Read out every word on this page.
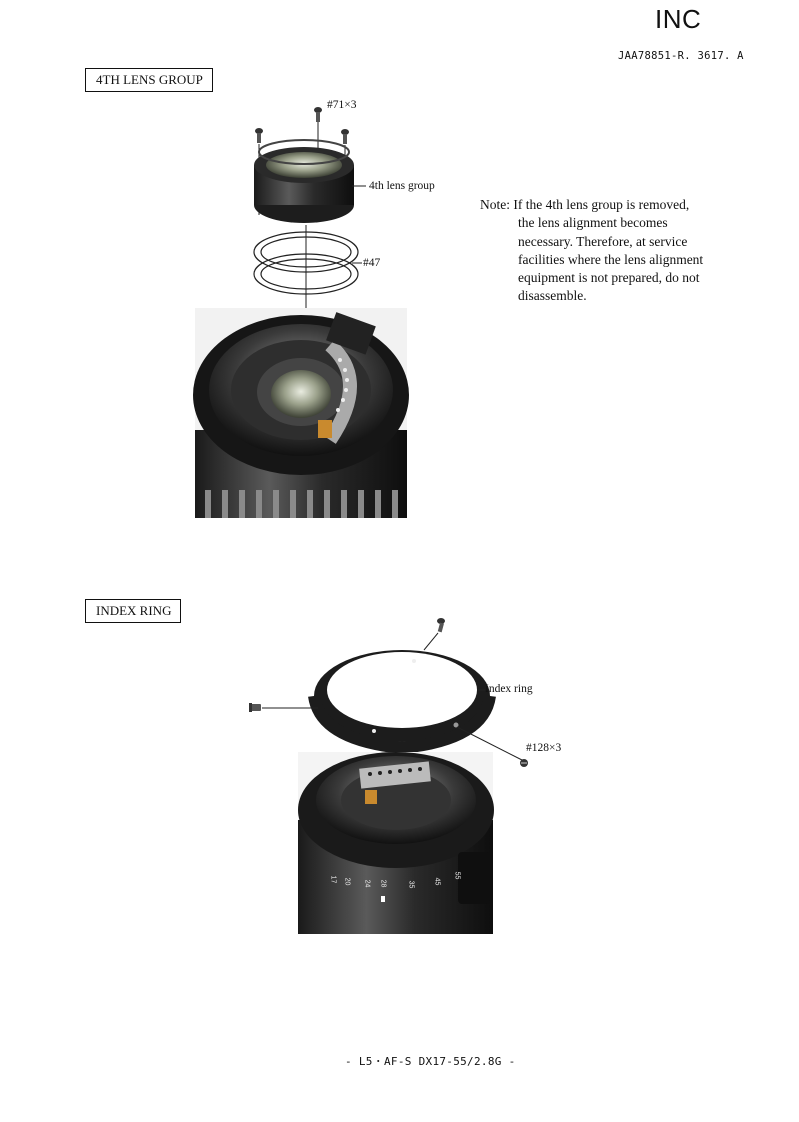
INC
JAA78851-R. 3617. A
4TH LENS GROUP
#71×3
4th lens group
#47
Note: If the 4th lens group is removed,
the lens alignment becomes
necessary. Therefore, at service
facilities where the lens alignment
equipment is not prepared, do not
disassemble.
INDEX RING
17 20 24 28	35	45
55
Index ring
#128×3
- L5・AF-S DX17-55/2.8G -
